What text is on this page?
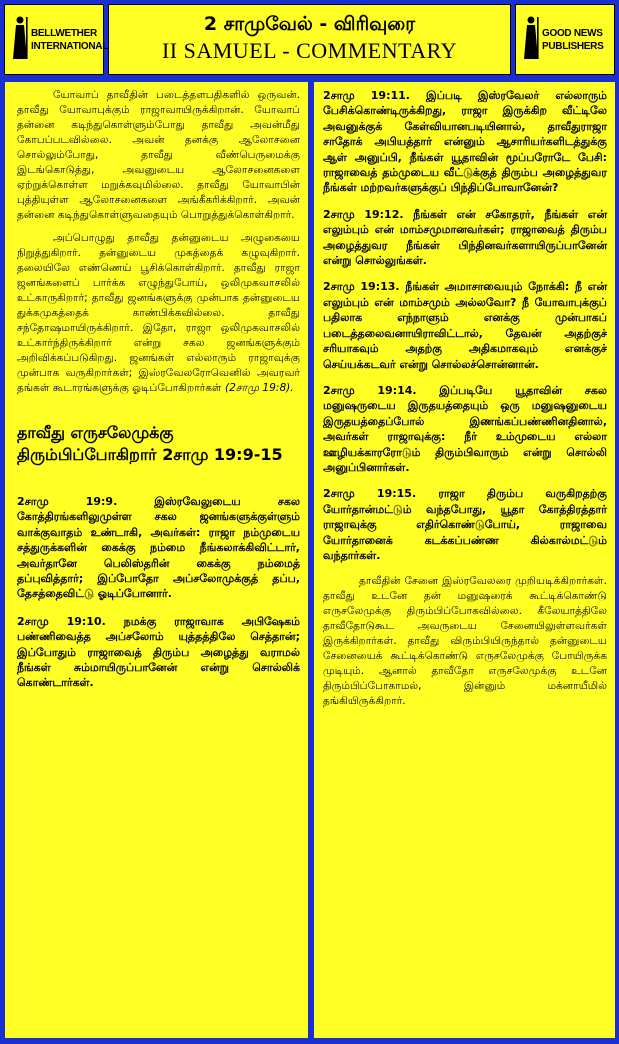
BELLWETHER
INTERNATIONAL
2 சாமுவேல் - விரிவுரை
II SAMUEL - COMMENTARY
GOOD NEWS
PUBLISHERS

யோவாப் தாவீதின் படைத்தளபதிகளில் ஒருவன். தாவீது யோவாபுக்கும் ராஜாவாயிருக்கிறான். யோவாப் தன்னை கடிந்துகொள்ளும்போது தாவீது அவன்மீது கோபப்படவில்லை. அவன் தனக்கு ஆலோசனை சொல்லும்போது, தாவீது வீண்பெருமைக்கு இடங்கொடுத்து, அவனுடைய ஆலோசனைகளை ஏற்றுக்கொள்ள மறுக்கவுமில்லை. தாவீது யோவாபின் புத்தியுள்ள ஆலோசனைகளை அங்கீகரிக்கிறார். அவன் தன்னை கடிந்துகொள்ளுவதையும் பொறுத்துக்கொள்கிறார்.

அப்பொழுது தாவீது தன்னுடைய அழுகையை நிறுத்துகிறார். தன்னுடைய முகத்தைக் கழுவுகிறார். தலையிலே எண்ணெய் பூசிக்கொள்கிறார். தாவீது ராஜா ஜனங்களைப் பார்க்க எழுந்துபோய், ஒலிமுகவாசலில் உட்காருகிறார்; தாவீது ஜனங்களுக்கு முன்பாக தன்னுடைய துக்கமுகத்தைக் காண்பிக்கவில்லை. தாவீது சந்தோஷமாயிருக்கிறார். இதோ, ராஜா ஒலிமுகவாசலில் உட்கார்ந்திருக்கிறார் என்று சகல ஜனங்களுக்கும் அறிவிக்கப்படுகிறது. ஜனங்கள் எல்லாரும் ராஜாவுக்கு முன்பாக வருகிறார்கள்; இஸ்ரவேலரோவெனில் அவரவர் தங்கள் கூடாரங்களுக்கு ஓடிப்போகிறார்கள் (2சாமு 19:8).

தாவீது எருசலேமுக்கு திரும்பிப்போகிறார் 2சாமு 19:9-15

2சாமு 19:9. இஸ்ரவேலுடைய சகல கோத்திரங்களிலுமுள்ள சகல ஜனங்களுக்குள்ளும் வாக்குவாதம் உண்டாகி, அவர்கள்: ராஜா நம்முடைய சத்துருக்களின் கைக்கு நம்மை நீங்கலாக்கிவிட்டார், அவர்தானே பெலிஸ்தரின் கைக்கு நம்மைத் தப்புவித்தார்; இப்போதோ அப்சலோமுக்குத் தப்ப, தேசத்தைவிட்டு ஓடிப்போனார்.

2சாமு 19:10. நமக்கு ராஜாவாக அபிஷேகம் பண்ணிவைத்த அப்சலோம் யுத்தத்திலே செத்தான்; இப்போதும் ராஜாவைத் திரும்ப அழைத்து வராமல் நீங்கள் சும்மாயிருப்பானேன் என்று சொல்லிக் கொண்டார்கள்.

2சாமு 19:11. இப்படி இஸ்ரவேலர் எல்லாரும் பேசிக்கொண்டிருக்கிறது, ராஜா இருக்கிற வீட்டிலே அவனுக்குக் கேள்வியானபடியினால், தாவீதுராஜா சாதோக் அபியத்தார் என்னும் ஆசாரியர்களிடத்துக்கு ஆள் அனுப்பி, நீங்கள் யூதாவின் மூப்பரோடே பேசி: ராஜாவைத் தம்முடைய வீட்டுக்குத் திரும்ப அழைத்துவர நீங்கள் மற்றவர்களுக்குப் பிந்திப்போவானேன்?

2சாமு 19:12. நீங்கள் என் சகோதரர், நீங்கள் என் எலும்பும் என் மாம்சமுமானவர்கள்; ராஜாவைத் திரும்ப அழைத்துவர நீங்கள் பிந்தினவர்களாயிருப்பானேன் என்று சொல்லுங்கள்.

2சாமு 19:13. நீங்கள் அமாசாவையும் நோக்கி: நீ என் எலும்பும் என் மாம்சமும் அல்லவோ? நீ யோவாபுக்குப் பதிலாக எந்நாளும் எனக்கு முன்பாகப் படைத்தலைவனாயிராவிட்டால், தேவன் அதற்குச் சரியாகவும் அதற்கு அதிகமாகவும் எனக்குச் செய்யக்கடவர் என்று சொல்லச்சொன்னான்.

2சாமு 19:14. இப்படியே யூதாவின் சகல மனுஷருடைய இருதயத்தையும் ஒரு மனுஷனுடைய இருதயத்தைப்போல் இணங்கப்பண்ணினதினால், அவர்கள் ராஜாவுக்கு: நீர் உம்முடைய எல்லா ஊழியக்காரரோடும் திரும்பிவாரும் என்று சொல்லி அனுப்பினார்கள்.

2சாமு 19:15. ராஜா திரும்ப வருகிறதற்கு யோர்தான்மட்டும் வந்தபோது, யூதா கோத்திரத்தார் ராஜாவுக்கு எதிர்கொண்டுபோய், ராஜாவை யோர்தானைக் கடக்கப்பண்ண கில்கால்மட்டும் வந்தார்கள்.

தாவீதின் சேனை இஸ்ரவேலரை முறியடிக்கிறார்கள். தாவீது உடனே தன் மனுஷரைக் கூட்டிக்கொண்டு எருசலேமுக்கு திரும்பிப்போகவில்லை. கீலேயாத்திலே தாவீதோடுகூட அவருடைய சேனையிலுள்ளவர்கள் இருக்கிறார்கள். தாவீது விரும்பியிருந்தால் தன்னுடைய சேனையைக் கூட்டிக்கொண்டு எருசலேமுக்கு போயிருக்க முடியும். ஆனால் தாவீதோ எருசலேமுக்கு உடனே திரும்பிப்போகாமல், இன்னும் மக்னாயீமில் தங்கியிருக்கிறார்.
